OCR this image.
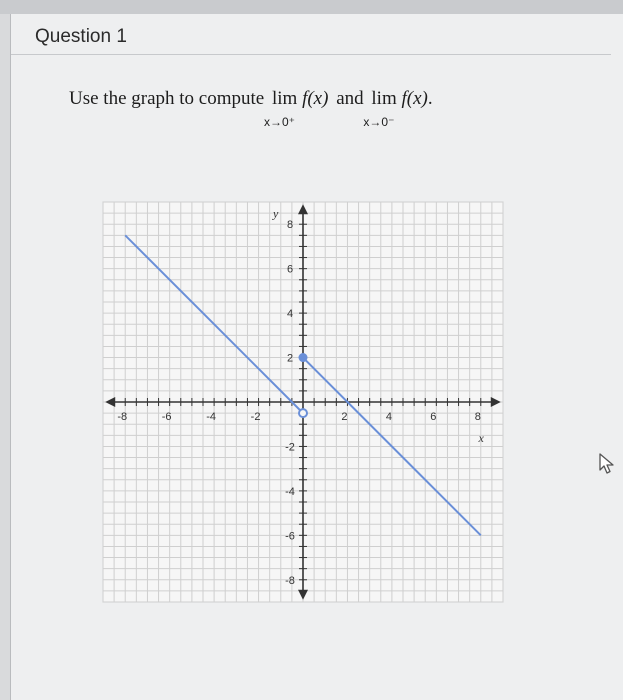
Question 1
Use the graph to compute lim f(x)
x→0⁺
and lim f(x).
x→0⁻
-8	-6	-4	-2	2	4	6	8
-8
-6
-4
-2
2
4
6
8
x
y
